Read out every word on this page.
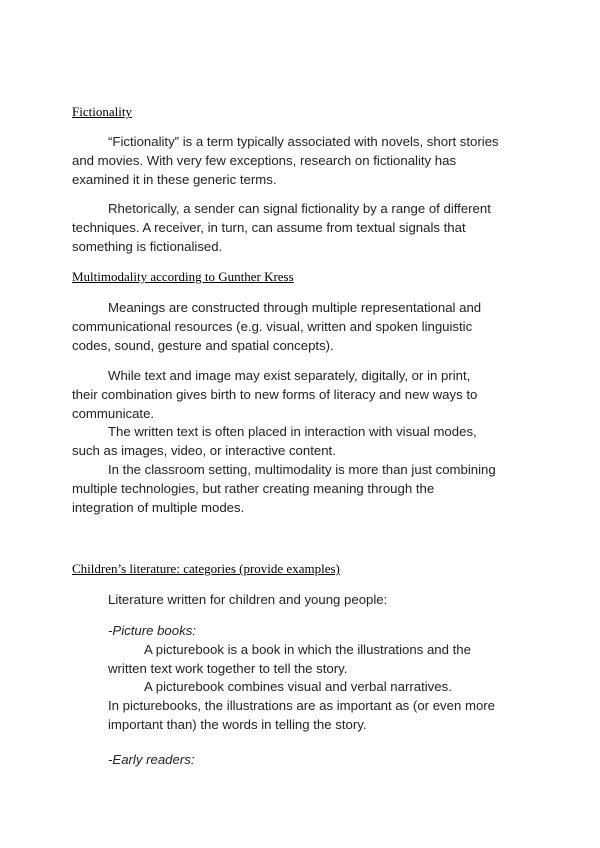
Fictionality
“Fictionality” is a term typically associated with novels, short stories
and movies. With very few exceptions, research on fictionality has
examined it in these generic terms.
Rhetorically, a sender can signal fictionality by a range of different
techniques. A receiver, in turn, can assume from textual signals that
something is fictionalised.
Multimodality according to Gunther Kress
Meanings are constructed through multiple representational and
communicational resources (e.g. visual, written and spoken linguistic
codes, sound, gesture and spatial concepts).
While text and image may exist separately, digitally, or in print,
their combination gives birth to new forms of literacy and new ways to
communicate.
The written text is often placed in interaction with visual modes,
such as images, video, or interactive content.
In the classroom setting, multimodality is more than just combining
multiple technologies, but rather creating meaning through the
integration of multiple modes.
Children’s literature: categories (provide examples)
Literature written for children and young people:
-Picture books:
A picturebook is a book in which the illustrations and the
written text work together to tell the story.
A picturebook combines visual and verbal narratives.
In picturebooks, the illustrations are as important as (or even more
important than) the words in telling the story.
-Early readers:
